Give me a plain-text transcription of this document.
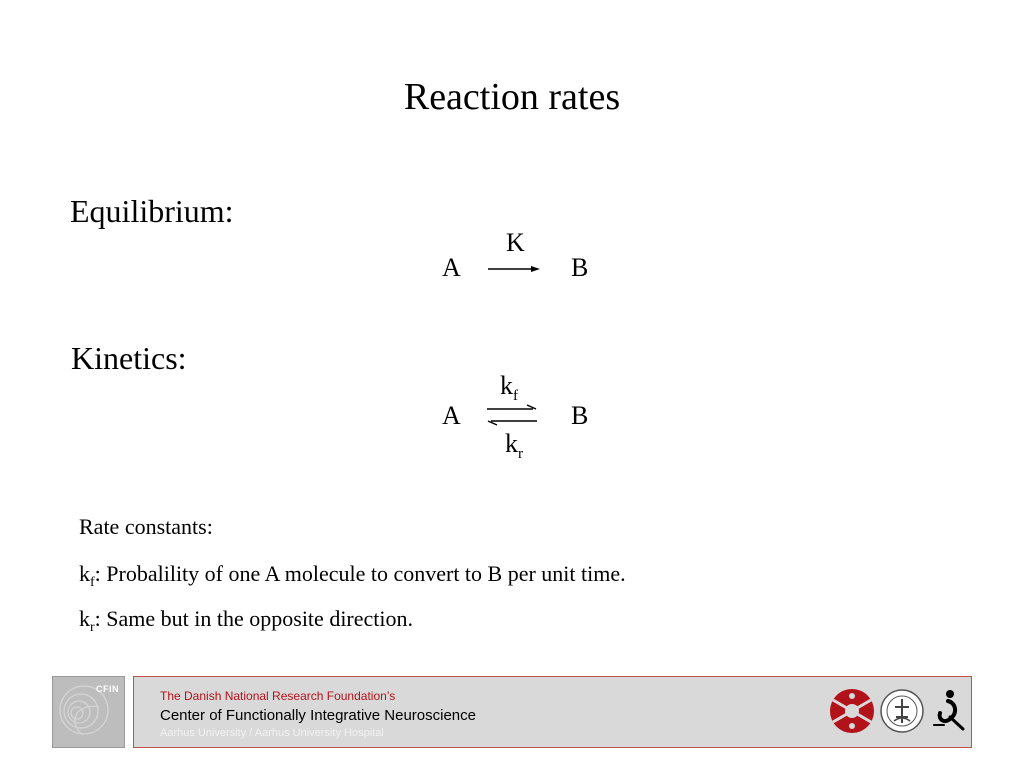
Reaction rates
Equilibrium:
K
A	B
Kinetics:
$k_f$
A	B
$k_r$
Rate constants:
$k_f$: Probalility of one A molecule to convert to B per unit time.
$k_r$: Same but in the opposite direction.
CFIN	The Danish National Research Foundation’s
Center of Functionally Integrative Neuroscience
Aarhus University / Aarhus University Hospital
